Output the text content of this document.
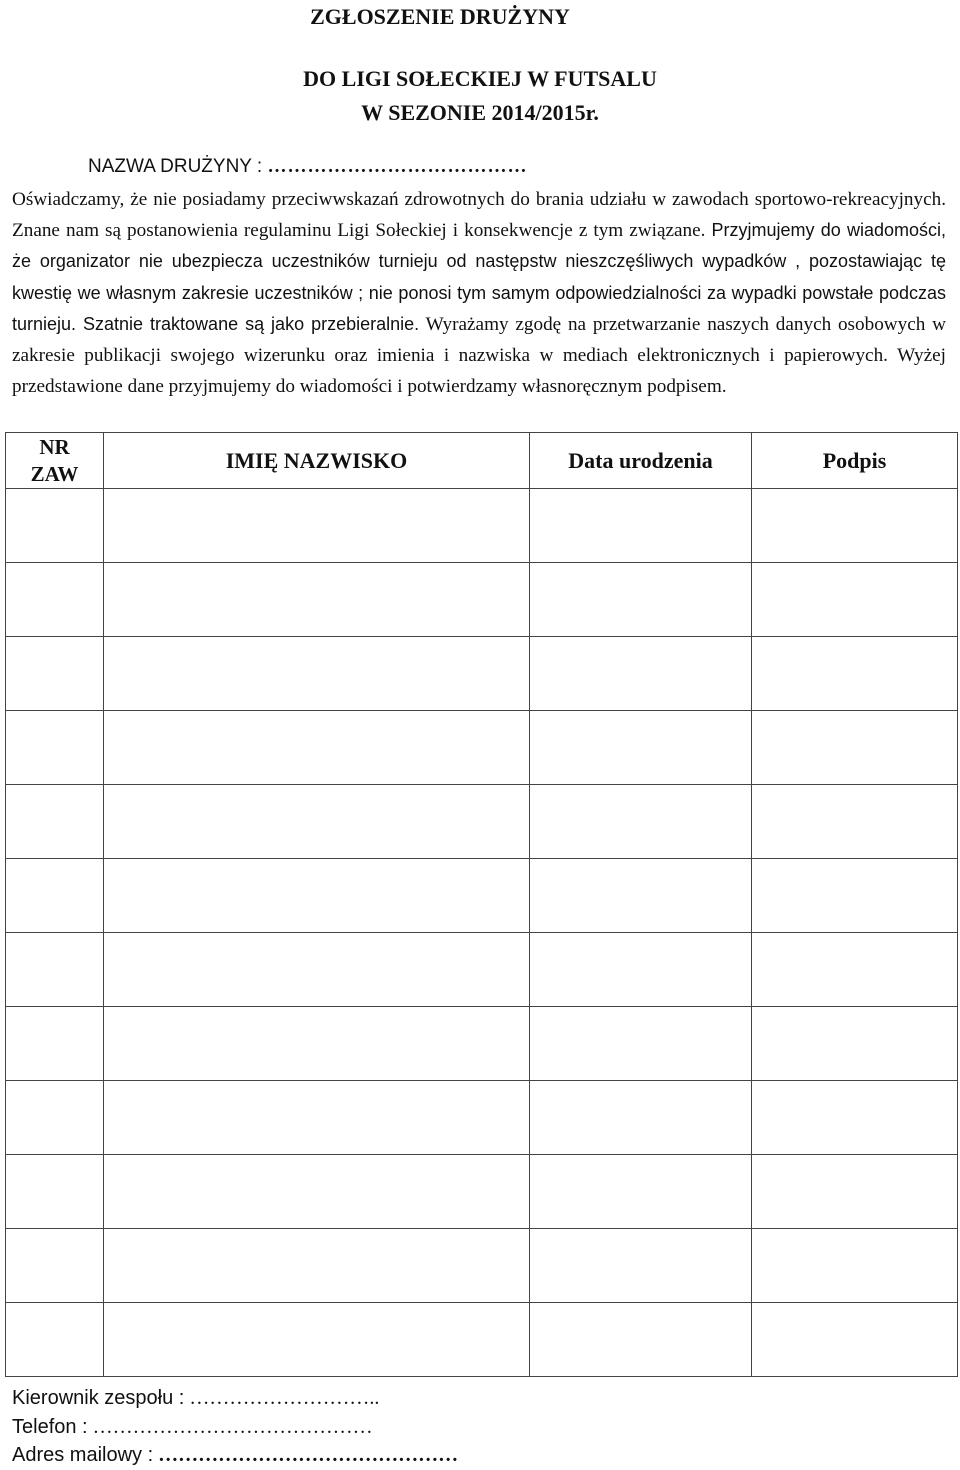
ZGŁOSZENIE DRUŻYNY
DO LIGI SOŁECKIEJ W FUTSALU
W SEZONIE 2014/2015r.
NAZWA DRUŻYNY : …………………………………
Oświadczamy, że nie posiadamy przeciwwskazań zdrowotnych do brania udziału w zawodach sportowo-rekreacyjnych. Znane nam są postanowienia regulaminu Ligi Sołeckiej i konsekwencje z tym związane. Przyjmujemy do wiadomości, że organizator nie ubezpiecza uczestników turnieju od następstw nieszczęśliwych wypadków , pozostawiając tę kwestię we własnym zakresie uczestników ; nie ponosi tym samym odpowiedzialności za wypadki powstałe podczas turnieju. Szatnie traktowane są jako przebieralnie. Wyrażamy zgodę na przetwarzanie naszych danych osobowych w zakresie publikacji swojego wizerunku oraz imienia i nazwiska w mediach elektronicznych i papierowych. Wyżej przedstawione dane przyjmujemy do wiadomości i potwierdzamy własnoręcznym podpisem.
NR
ZAW	IMIĘ NAZWISKO	Data urodzenia	Podpis

Kierownik zespołu : ………………………..
Telefon : ……………………………………
Adres mailowy : ………………………………………
